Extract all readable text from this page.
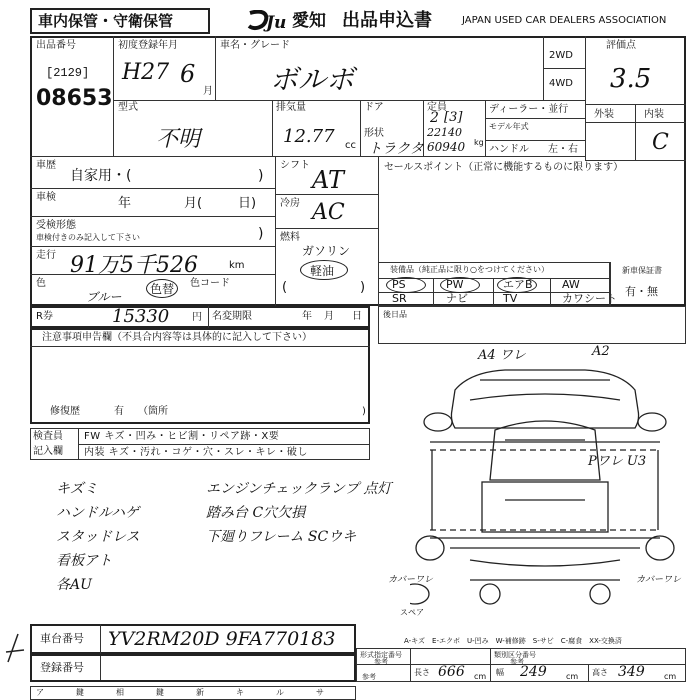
車内保管・守衛保管	Ju 愛知 出品申込書	JAPAN USED CAR DEALERS ASSOCIATION
出品番号
[2129]
08653
初度登録年月
H27 6
月
車名・グレード
ボルボ
2WD
4WD
評価点
3.5
外装	内装
C
型式
不明
排気量
12.77 cc
ドア
形状
トラクタ
定員
2 [3]
22140
60940 kg
ディーラー・並行
モデル年式
ハンドル 左・右
車歴
自家用・(	)
車検	年	月(	日)
受検形態
車検付きのみ記入して下さい	)
走行 91万5千526	km
色
ブルー
色替 色コード
シフト
AT
冷房 AC
燃料
ガソリン
軽油
(	)
セールスポイント（正常に機能するものに限ります）
装備品（純正品に限り○をつけてください）
PS	PW	エアB	AW
SR	ナビ	TV	カワシート
新車保証書
有・無
R券	15330 円 名変期限	年 月 日	後日品
注意事項申告欄（不具合内容等は具体的に記入して下さい）
修復歴	有 （箇所	)
検査員
記入欄
FW キズ・凹み・ヒビ割・リペア跡・X要
内装 キズ・汚れ・コゲ・穴・スレ・キレ・破し
キズミ
ハンドルハゲ
スタッドレス
看板アト
各AU
エンジンチェックランプ 点灯
踏み台 C穴欠損
下廻りフレーム SCウキ
A4 ワレ	A2
Pワレ U3
カバーワレ	カバーワレ
スペア
A-キズ　E-エクボ　U-凹み　W-補修跡　S-サビ　C-腐食　XX-交換済
車台番号 YV2RM20D 9FA770183
登録番号
形式指定番号
参考
類別区分番号
参考
長さ 666 cm 幅 249 cm 高さ 349 cm
参考
ア	鍵	相	鍵	新	キ	ル	サ
